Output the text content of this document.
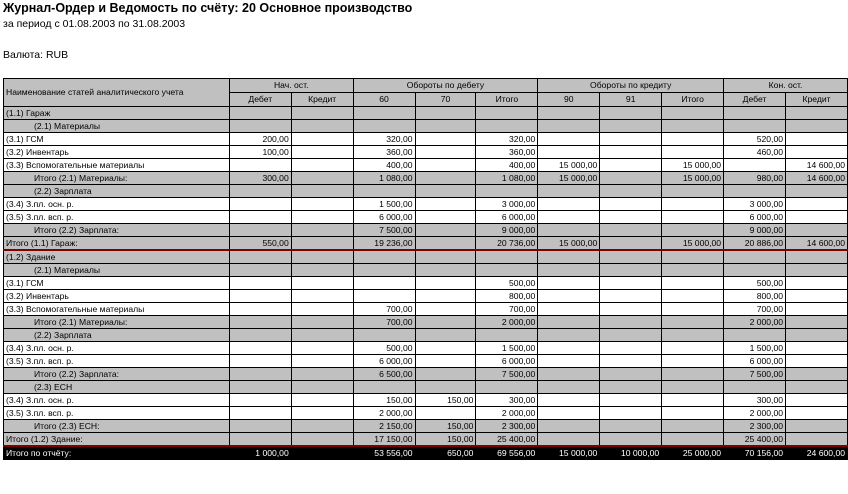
Журнал-Ордер и Ведомость по счёту: 20 Основное производство
за период с 01.08.2003 по 31.08.2003
Валюта: RUB
Наименование статей аналитического учета	Нач. ост.		Обороты по дебету			Обороты по кредиту			Кон. ост.	
	Дебет	Кредит	60	70	Итого	90	91	Итого	Дебет	Кредит
(1.1) Гараж										
(2.1) Материалы										
(3.1) ГСМ	200,00		320,00		320,00				520,00	
(3.2) Инвентарь	100,00		360,00		360,00				460,00	
(3.3) Вспомогательные материалы			400,00		400,00	15 000,00		15 000,00		14 600,00
Итого (2.1) Материалы:	300,00		1 080,00		1 080,00	15 000,00		15 000,00	980,00	14 600,00
(2.2) Зарплата										
(3.4) З.пл. осн. р.			1 500,00		3 000,00				3 000,00	
(3.5) З.пл. всп. р.			6 000,00		6 000,00				6 000,00	
Итого (2.2) Зарплата:			7 500,00		9 000,00				9 000,00	
Итого (1.1) Гараж:	550,00		19 236,00		20 736,00	15 000,00		15 000,00	20 886,00	14 600,00
(1.2) Здание										
(2.1) Материалы										
(3.1) ГСМ					500,00				500,00	
(3.2) Инвентарь					800,00				800,00	
(3.3) Вспомогательные материалы			700,00		700,00				700,00	
Итого (2.1) Материалы:			700,00		2 000,00				2 000,00	
(2.2) Зарплата										
(3.4) З.пл. осн. р.			500,00		1 500,00				1 500,00	
(3.5) З.пл. всп. р.			6 000,00		6 000,00				6 000,00	
Итого (2.2) Зарплата:			6 500,00		7 500,00				7 500,00	
(2.3) ЕСН										
(3.4) З.пл. осн. р.			150,00	150,00	300,00				300,00	
(3.5) З.пл. всп. р.			2 000,00		2 000,00				2 000,00	
Итого (2.3) ЕСН:			2 150,00	150,00	2 300,00				2 300,00	
Итого (1.2) Здание:			17 150,00	150,00	25 400,00				25 400,00	
Итого по отчёту:	1 000,00		53 556,00	650,00	69 556,00	15 000,00	10 000,00	25 000,00	70 156,00	24 600,00
